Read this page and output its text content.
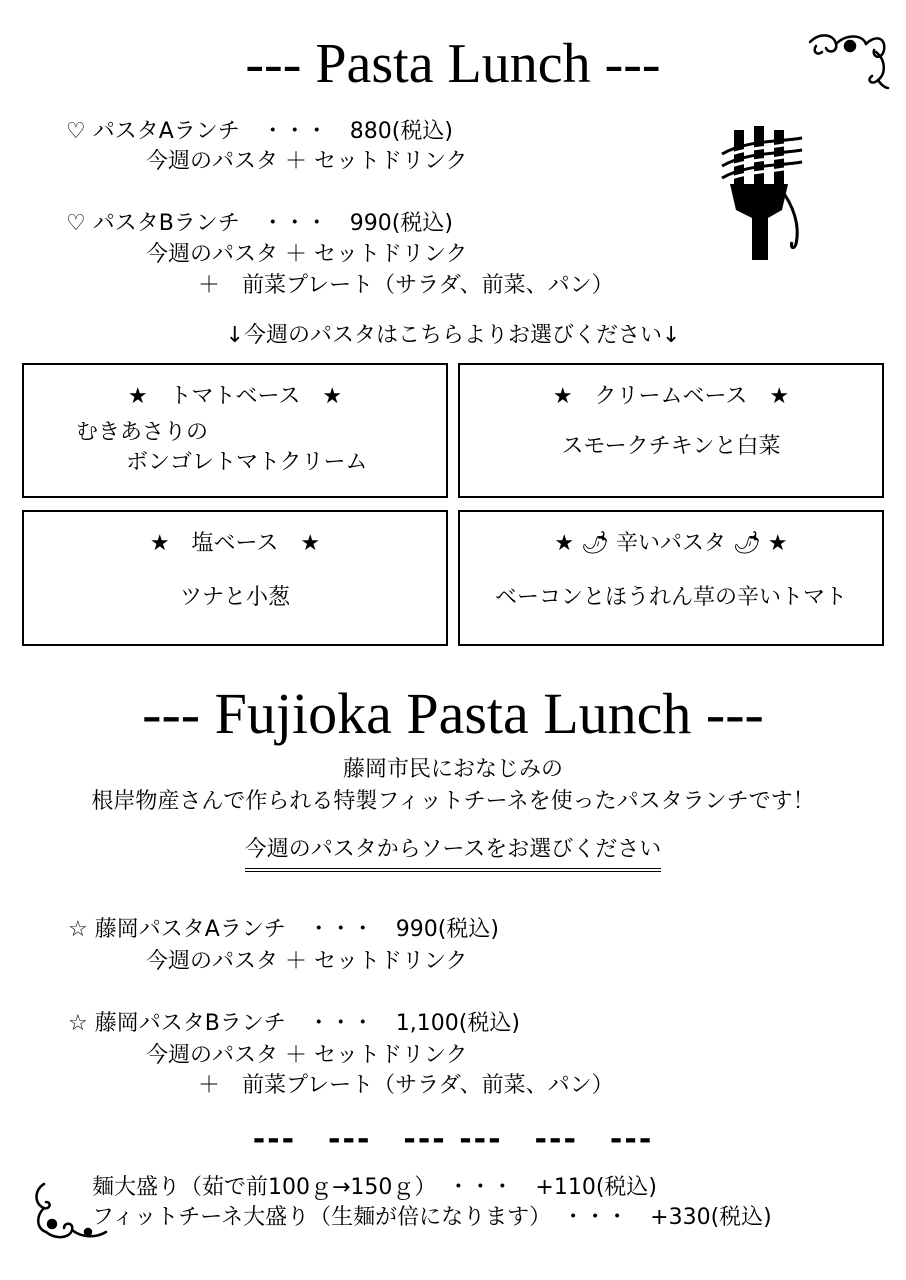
--- Pasta Lunch ---
♡ パスタAランチ　・・・　880(税込)
今週のパスタ ＋ セットドリンク
♡ パスタBランチ　・・・　990(税込)
今週のパスタ ＋ セットドリンク
＋　前菜プレート（サラダ、前菜、パン）
↓今週のパスタはこちらよりお選びください↓
★　トマトベース　★
むきあさりの
ボンゴレトマトクリーム
★　クリームベース　★
スモークチキンと白菜
★　塩ベース　★
ツナと小葱
★ 🌶 辛いパスタ 🌶 ★
ベーコンとほうれん草の辛いトマト
--- Fujioka Pasta Lunch ---
藤岡市民におなじみの
根岸物産さんで作られる特製フィットチーネを使ったパスタランチです！
今週のパスタからソースをお選びください
☆ 藤岡パスタAランチ　・・・　990(税込)
今週のパスタ ＋ セットドリンク
☆ 藤岡パスタBランチ　・・・　1,100(税込)
今週のパスタ ＋ セットドリンク
＋　前菜プレート（サラダ、前菜、パン）
---　---　--- ---　---　---
麺大盛り（茹で前100ｇ→150ｇ）　・・・　+110(税込)
フィットチーネ大盛り（生麺が倍になります）　・・・　+330(税込)
